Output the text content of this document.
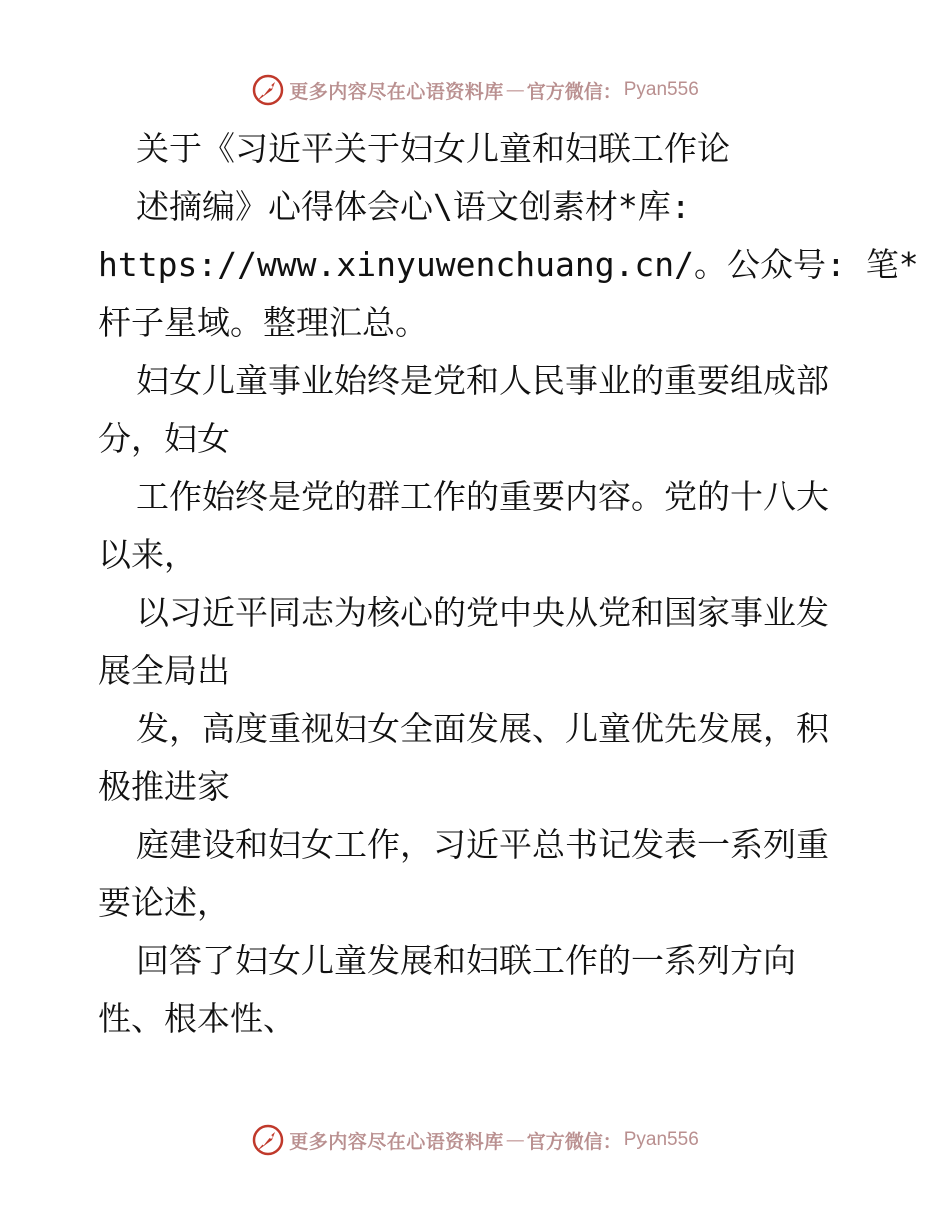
更多内容尽在心语资料库 — 官方微信： Pyan556
关于《习近平关于妇女儿童和妇联工作论
述摘编》心得体会心\语文创素材*库:
https://www.xinyuwenchuang.cn/。公众号: 笔*
杆子星域。整理汇总。
妇女儿童事业始终是党和人民事业的重要组成部
分，妇女
工作始终是党的群工作的重要内容。党的十八大
以来，
以习近平同志为核心的党中央从党和国家事业发
展全局出
发，高度重视妇女全面发展、儿童优先发展，积
极推进家
庭建设和妇女工作，习近平总书记发表一系列重
要论述，
回答了妇女儿童发展和妇联工作的一系列方向
性、根本性、
更多内容尽在心语资料库 — 官方微信： Pyan556
